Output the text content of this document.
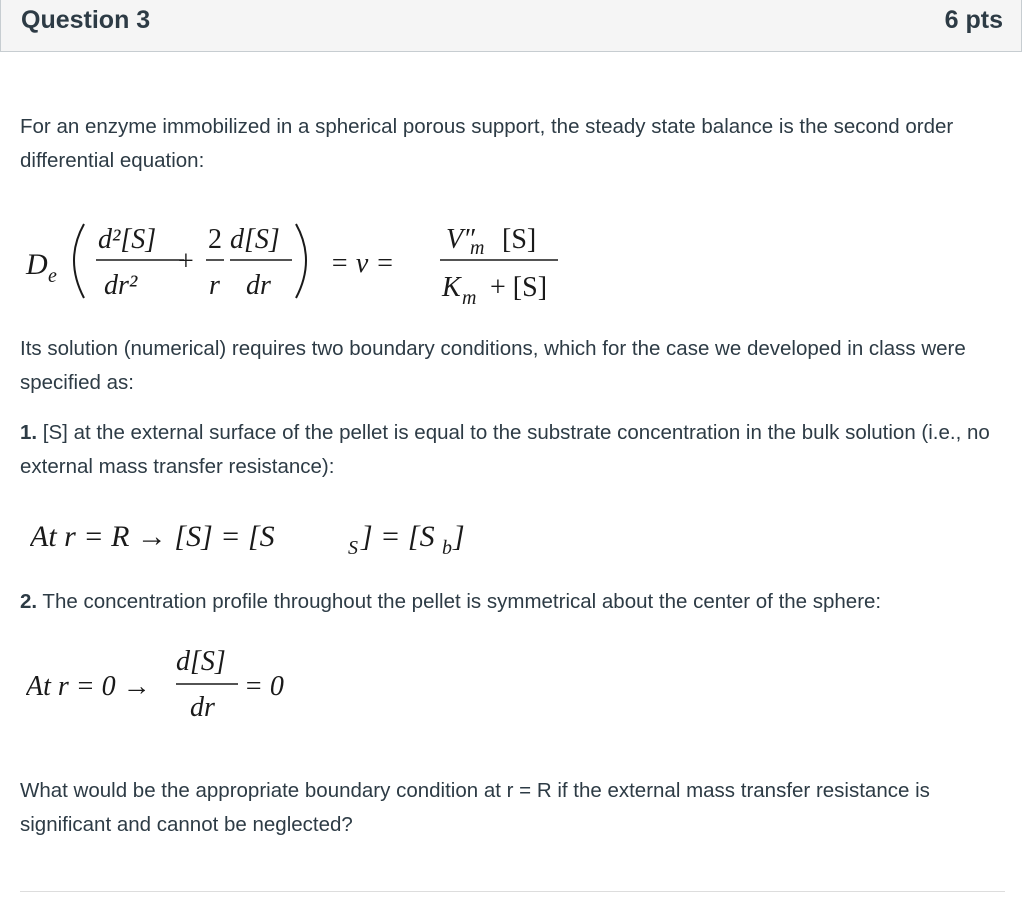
Question 3	6 pts
For an enzyme immobilized in a spherical porous support, the steady state balance is the second order differential equation:
D e
d²[S]
dr²
+
2
r
d[S]
dr
= v =
V″
m [S]
K m + [S]
Its solution (numerical) requires two boundary conditions, which for the case we developed in class were specified as:
1. [S] at the external surface of the pellet is equal to the substrate concentration in the bulk solution (i.e., no external mass transfer resistance):
At r = R → [S] = [S	S ] = [S b ]
2. The concentration profile throughout the pellet is symmetrical about the center of the sphere:
At r = 0 →
d[S]
dr
= 0
What would be the appropriate boundary condition at r = R if the external mass transfer resistance is significant and cannot be neglected?
